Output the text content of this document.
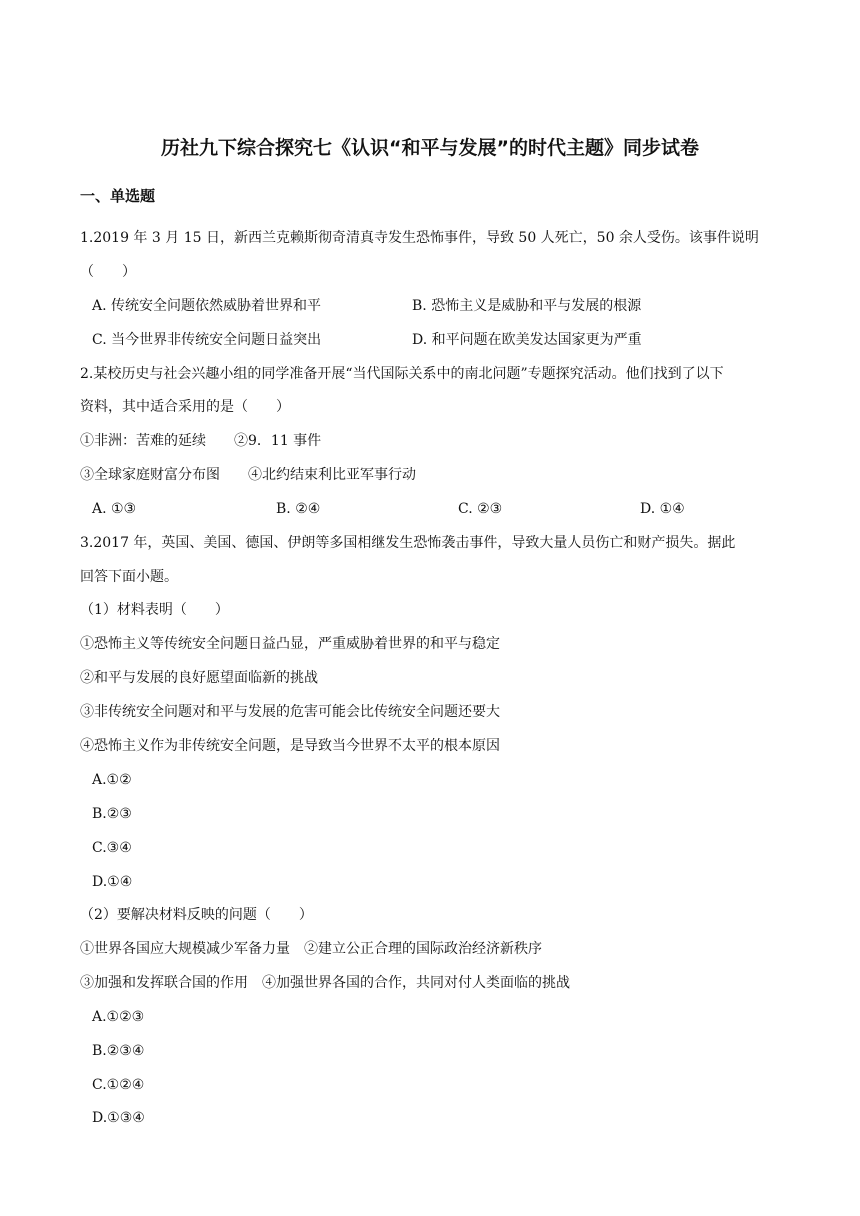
历社九下综合探究七《认识“和平与发展”的时代主题》同步试卷
一、单选题
1.2019 年 3 月 15 日，新西兰克赖斯彻奇清真寺发生恐怖事件，导致 50 人死亡，50 余人受伤。该事件说明
（　　）
A. 传统安全问题依然威胁着世界和平	B. 恐怖主义是威胁和平与发展的根源
C. 当今世界非传统安全问题日益突出	D. 和平问题在欧美发达国家更为严重
2.某校历史与社会兴趣小组的同学准备开展“当代国际关系中的南北问题”专题探究活动。他们找到了以下
资料，其中适合采用的是（　　）
①非洲：苦难的延续　　②9．11 事件
③全球家庭财富分布图　　④北约结束利比亚军事行动
A. ①③	B. ②④	C. ②③	D. ①④
3.2017 年，英国、美国、德国、伊朗等多国相继发生恐怖袭击事件，导致大量人员伤亡和财产损失。据此
回答下面小题。
（1）材料表明（　　）
①恐怖主义等传统安全问题日益凸显，严重威胁着世界的和平与稳定
②和平与发展的良好愿望面临新的挑战
③非传统安全问题对和平与发展的危害可能会比传统安全问题还要大
④恐怖主义作为非传统安全问题，是导致当今世界不太平的根本原因
A.①②
B.②③
C.③④
D.①④
（2）要解决材料反映的问题（　　）
①世界各国应大规模减少军备力量　②建立公正合理的国际政治经济新秩序
③加强和发挥联合国的作用　④加强世界各国的合作，共同对付人类面临的挑战
A.①②③
B.②③④
C.①②④
D.①③④
